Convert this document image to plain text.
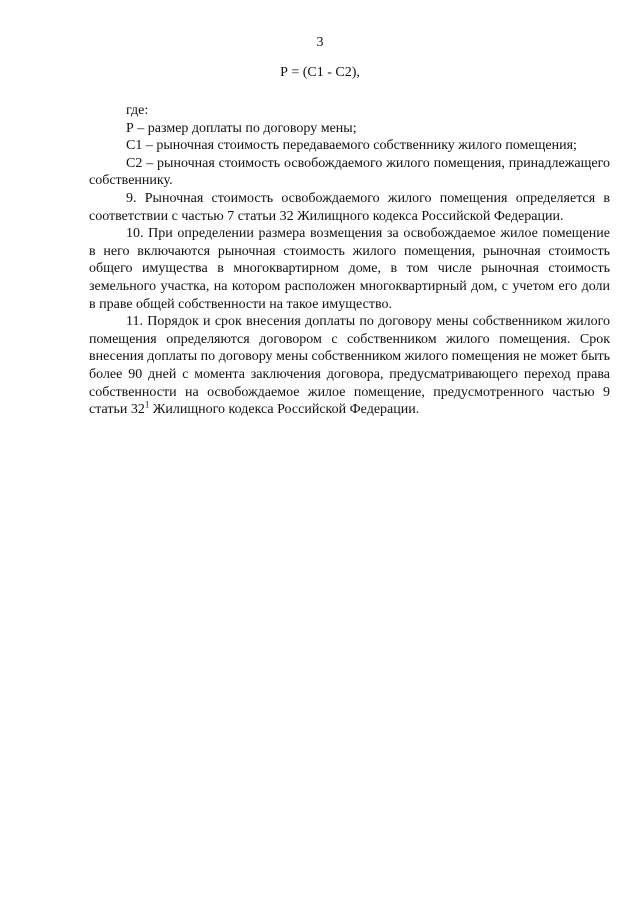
3
Р = (С1 - С2),

где:

Р – размер доплаты по договору мены;

С1 – рыночная стоимость передаваемого собственнику жилого помещения;

С2 – рыночная стоимость освобождаемого жилого помещения, принадлежащего собственнику.

9. Рыночная стоимость освобождаемого жилого помещения определяется в соответствии с частью 7 статьи 32 Жилищного кодекса Российской Федерации.

10. При определении размера возмещения за освобождаемое жилое помещение в него включаются рыночная стоимость жилого помещения, рыночная стоимость общего имущества в многоквартирном доме, в том числе рыночная стоимость земельного участка, на котором расположен многоквартирный дом, с учетом его доли в праве общей собственности на такое имущество.

11. Порядок и срок внесения доплаты по договору мены собственником жилого помещения определяются договором с собственником жилого помещения. Срок внесения доплаты по договору мены собственником жилого помещения не может быть более 90 дней с момента заключения договора, предусматривающего переход права собственности на освобождаемое жилое помещение, предусмотренного частью 9 статьи $32^1$ Жилищного кодекса Российской Федерации.
